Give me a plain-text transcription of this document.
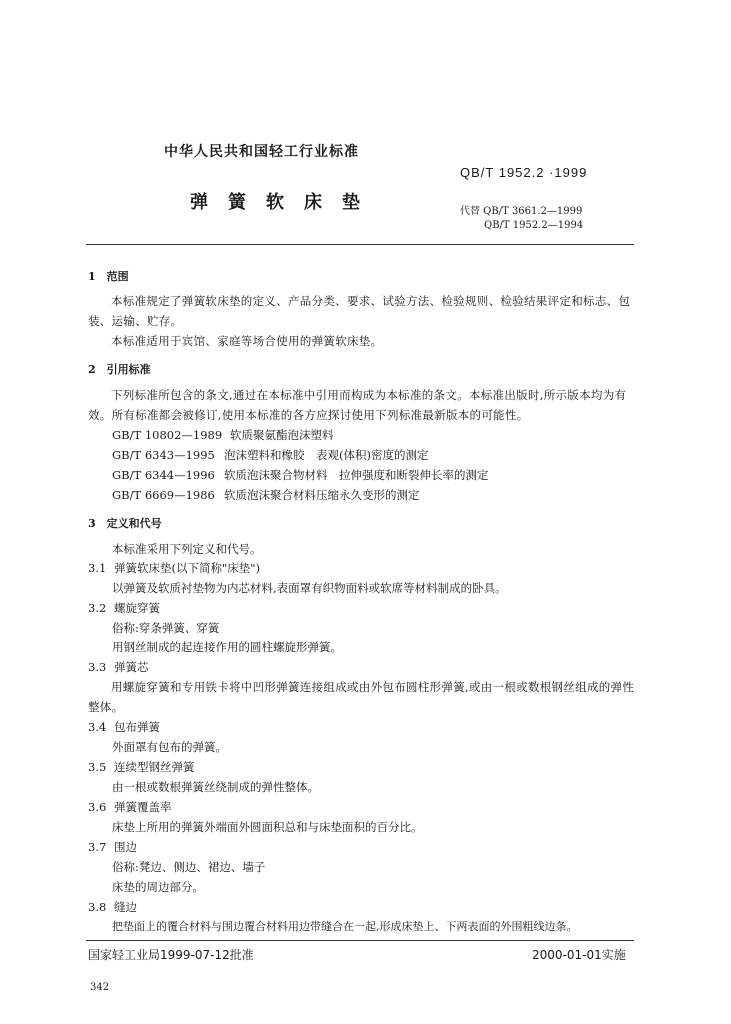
中华人民共和国轻工行业标准
QB/T 1952.2 ·1999
弹簧软床垫	代替 QB/T 3661.2—1999
QB/T 1952.2—1994
1　范围
本标准规定了弹簧软床垫的定义、产品分类、要求、试验方法、检验规则、检验结果评定和标志、包装、运输、贮存。
本标准适用于宾馆、家庭等场合使用的弹簧软床垫。
2　引用标准
下列标准所包含的条文,通过在本标准中引用而构成为本标准的条文。本标准出版时,所示版本均为有效。所有标准都会被修订,使用本标准的各方应探讨使用下列标准最新版本的可能性。
GB/T 10802—1989 软质聚氨酯泡沫塑料
GB/T 6343—1995 泡沫塑料和橡胶　表观(体积)密度的测定
GB/T 6344—1996 软质泡沫聚合物材料　拉伸强度和断裂伸长率的测定
GB/T 6669—1986 软质泡沫聚合材料压缩永久变形的测定
3　定义和代号
本标准采用下列定义和代号。
3.1 弹簧软床垫(以下简称"床垫")
以弹簧及软质衬垫物为内芯材料,表面罩有织物面料或软席等材料制成的卧具。
3.2 螺旋穿簧
俗称:穿条弹簧、穿簧
用钢丝制成的起连接作用的圆柱螺旋形弹簧。
3.3 弹簧芯
用螺旋穿簧和专用铁卡将中凹形弹簧连接组成或由外包布圆柱形弹簧,或由一根或数根钢丝组成的弹性整体。
3.4 包布弹簧
外面罩有包布的弹簧。
3.5 连续型钢丝弹簧
由一根或数根弹簧丝绕制成的弹性整体。
3.6 弹簧覆盖率
床垫上所用的弹簧外端面外圆面积总和与床垫面积的百分比。
3.7 围边
俗称:凳边、侧边、裙边、墙子
床垫的周边部分。
3.8 缝边
把垫面上的覆合材料与围边覆合材料用边带缝合在一起,形成床垫上、下两表面的外围粗线边条。
国家轻工业局1999-07-12批准	2000-01-01实施
342
